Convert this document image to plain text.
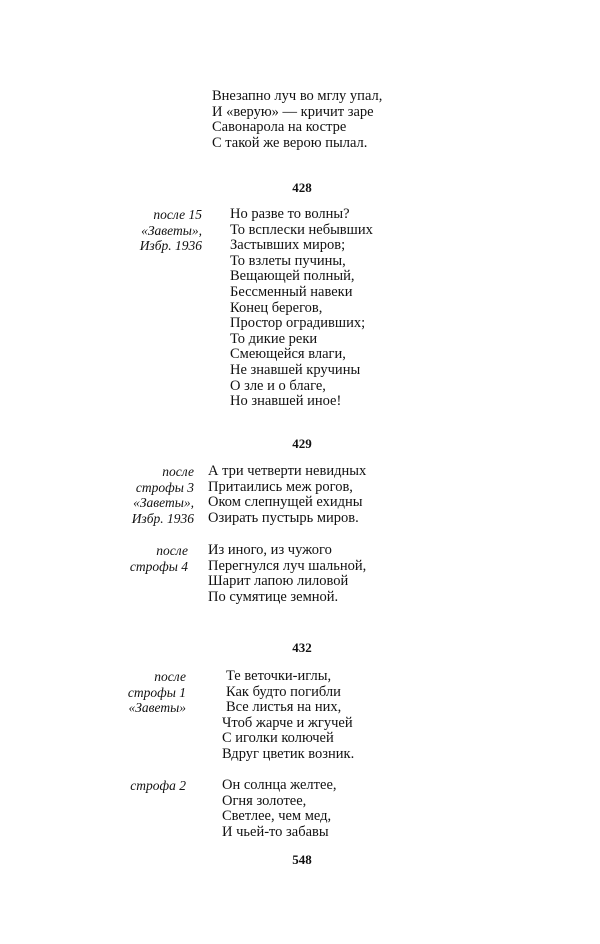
Внезапно луч во мглу упал,
И «верую» — кричит заре
Савонарола на костре
С такой же верою пылал.
428
после 15
«Заветы»,
Избр. 1936
Но разве то волны?
То всплески небывших
Застывших миров;
То взлеты пучины,
Вещающей полный,
Бессменный навеки
Конец берегов,
Простор оградивших;
То дикие реки
Смеющейся влаги,
Не знавшей кручины
О зле и о благе,
Но знавшей иное!
429
после
строфы 3
«Заветы»,
Избр. 1936
А три четверти невидных
Притаились меж рогов,
Оком слепнущей ехидны
Озирать пустырь миров.
после
строфы 4
Из иного, из чужого
Перегнулся луч шальной,
Шарит лапою лиловой
По сумятице земной.
432
после
строфы 1
«Заветы»
Те веточки-иглы,
Как будто погибли
Все листья на них,
Чтоб жарче и жгучей
С иголки колючей
Вдруг цветик возник.
строфа 2 Он солнца желтее,
Огня золотее,
Светлее, чем мед,
И чьей-то забавы
548
